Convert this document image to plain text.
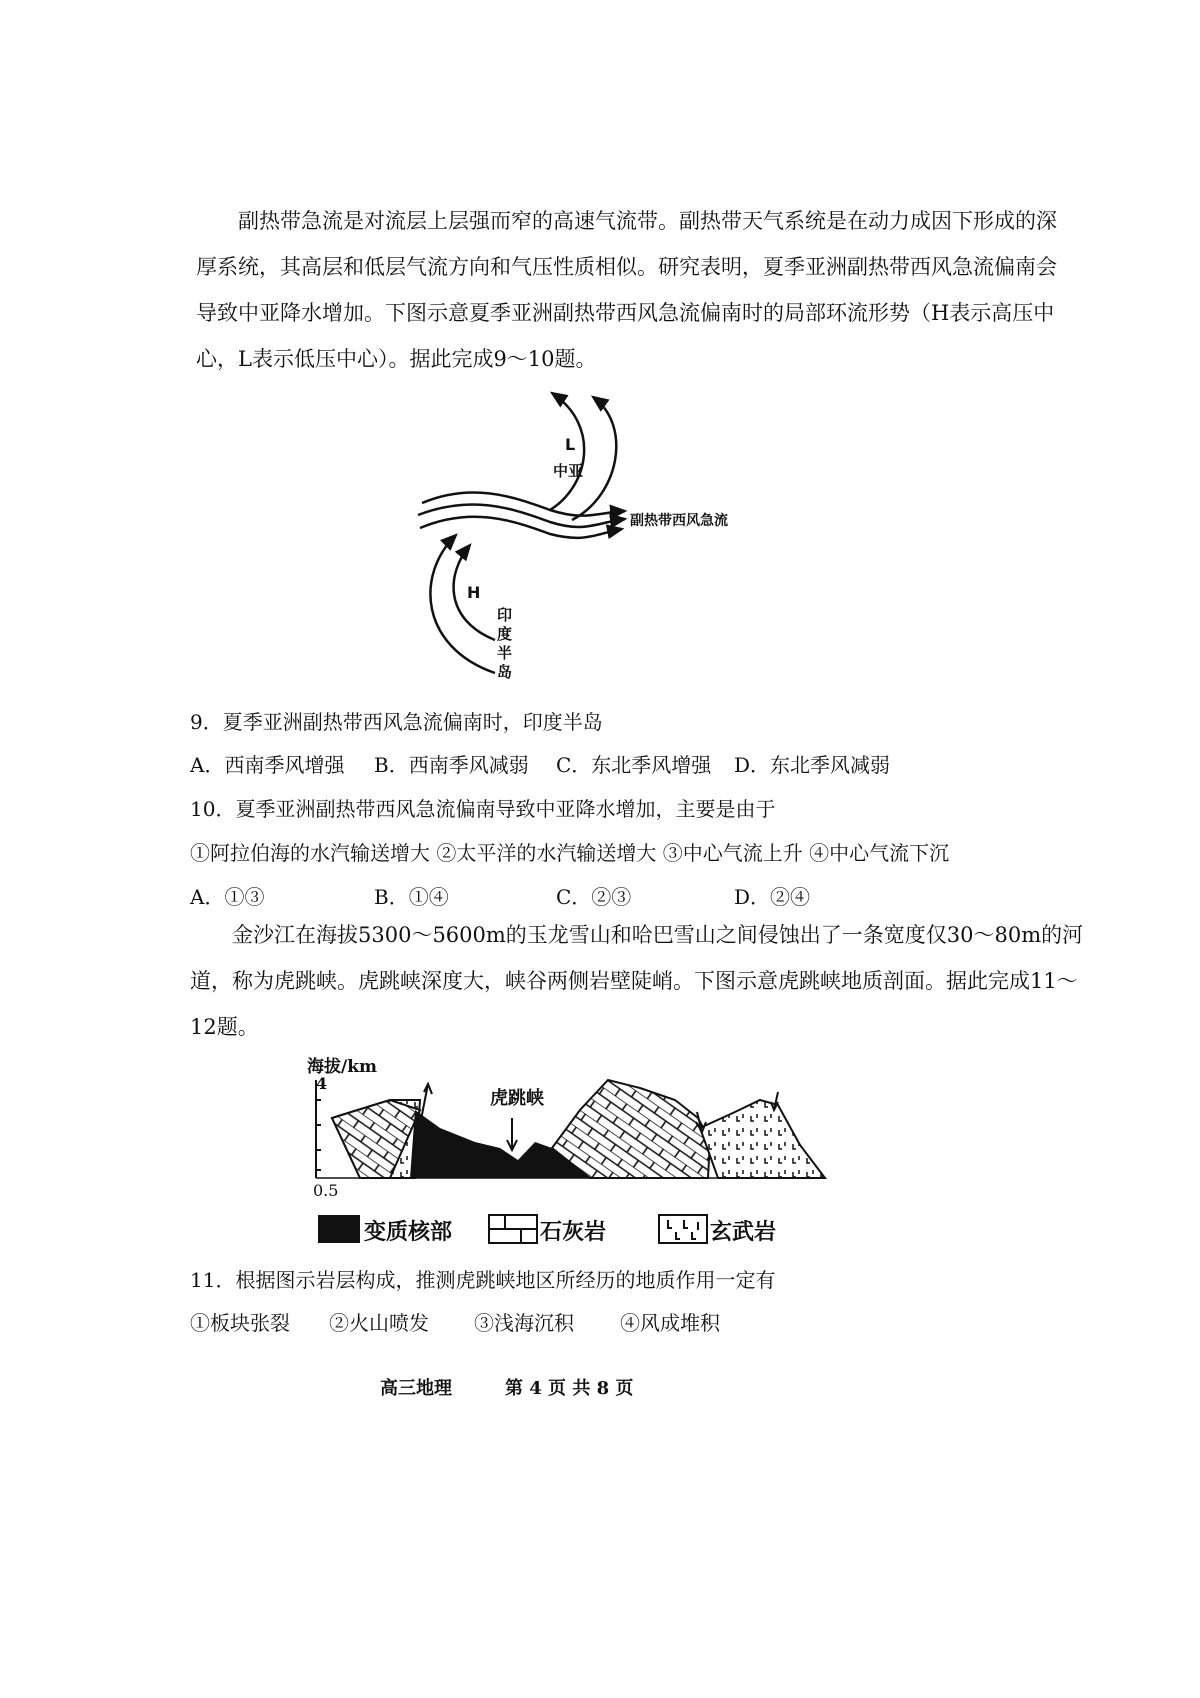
副热带急流是对流层上层强而窄的高速气流带。副热带天气系统是在动力成因下形成的深
厚系统，其高层和低层气流方向和气压性质相似。研究表明，夏季亚洲副热带西风急流偏南会
导致中亚降水增加。下图示意夏季亚洲副热带西风急流偏南时的局部环流形势（H表示高压中
心，L表示低压中心）。据此完成9～10题。
L
中亚
副热带西风急流
H
印
度
半
岛
9．夏季亚洲副热带西风急流偏南时，印度半岛
A．西南季风增强 B．西南季风减弱 C．东北季风增强 D．东北季风减弱
10．夏季亚洲副热带西风急流偏南导致中亚降水增加，主要是由于
①阿拉伯海的水汽输送增大 ②太平洋的水汽输送增大 ③中心气流上升 ④中心气流下沉
A．①③	B．①④	C．②③	D．②④
金沙江在海拔5300～5600m的玉龙雪山和哈巴雪山之间侵蚀出了一条宽度仅30～80m的河
道，称为虎跳峡。虎跳峡深度大，峡谷两侧岩壁陡峭。下图示意虎跳峡地质剖面。据此完成11～
12题。
海拔/km
4
0.5
虎跳峡
变质核部	石灰岩	玄武岩
11．根据图示岩层构成，推测虎跳峡地区所经历的地质作用一定有
①板块张裂 ②火山喷发 ③浅海沉积 ④风成堆积
高三地理	第 4 页 共 8 页
